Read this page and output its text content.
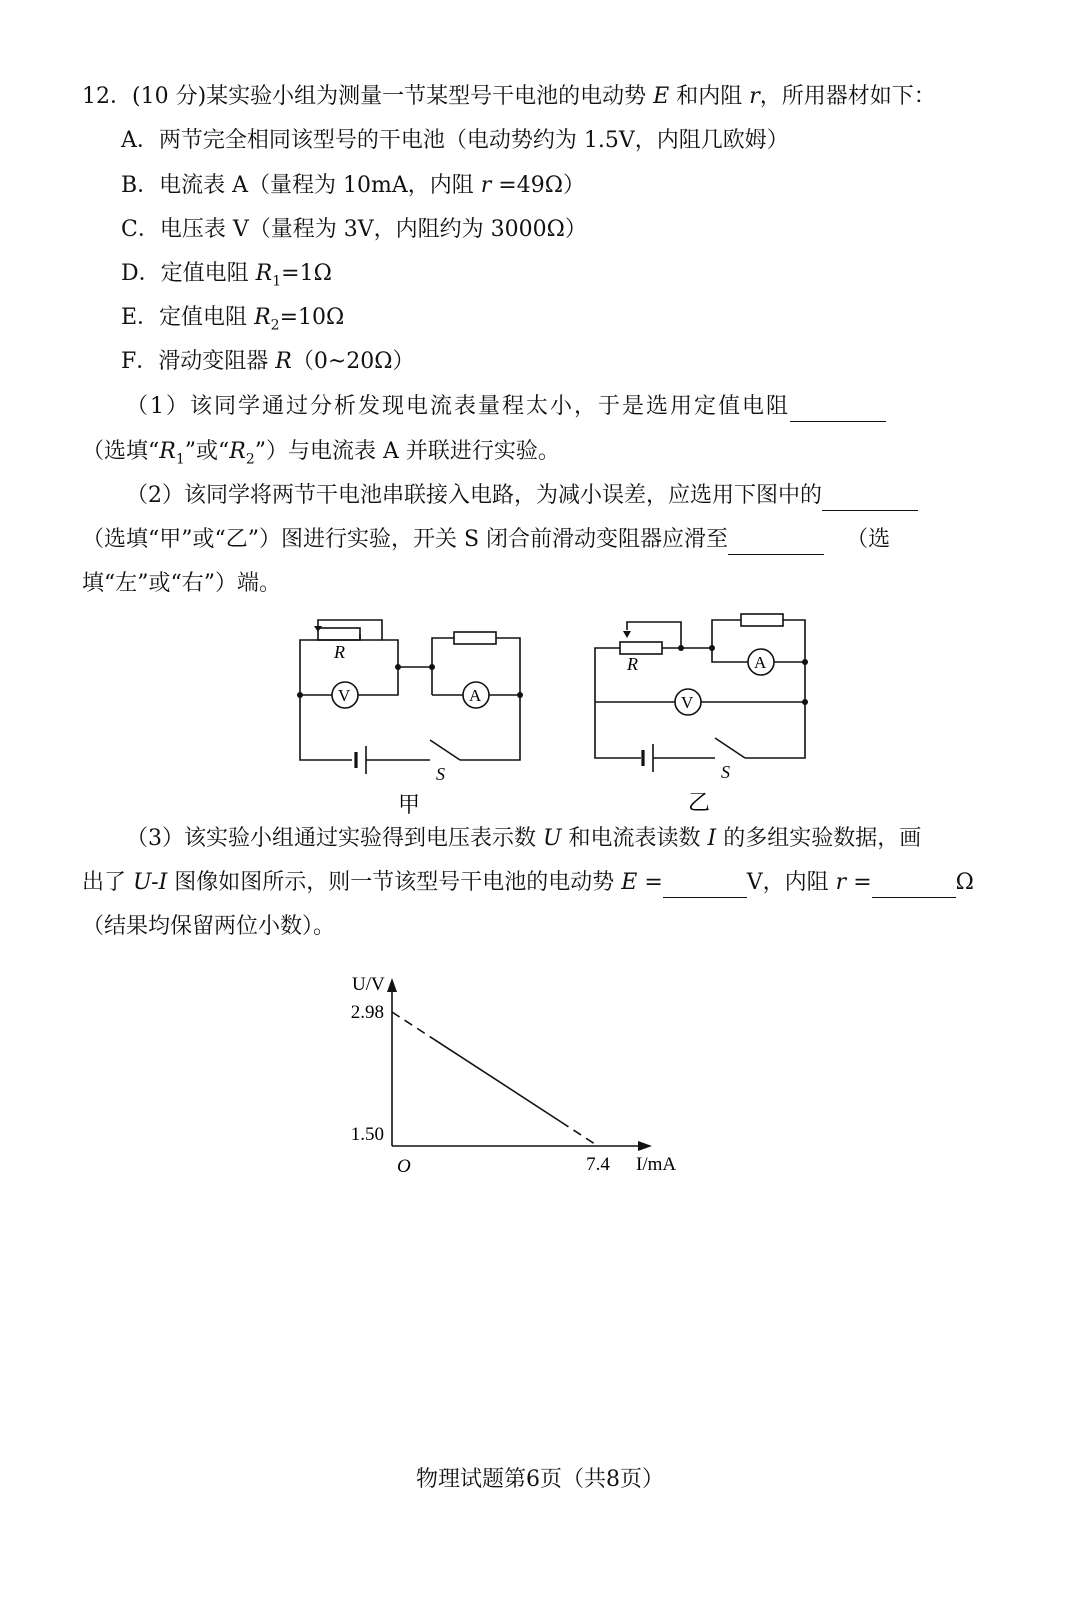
12．(10 分)某实验小组为测量一节某型号干电池的电动势 E 和内阻 r，所用器材如下：
A．两节完全相同该型号的干电池（电动势约为 1.5V，内阻几欧姆）
B．电流表 A（量程为 10mA，内阻 r =49Ω）
C．电压表 V（量程为 3V，内阻约为 3000Ω）
D．定值电阻 $R_1=1\Omega$
E．定值电阻 $R_2=10\Omega$
F．滑动变阻器 R（0~20Ω）
（1）该同学通过分析发现电流表量程太小，于是选用定值电阻
（选填“$R_1$”或“$R_2$”）与电流表 A 并联进行实验。
（2）该同学将两节干电池串联接入电路，为减小误差，应选用下图中的
（选填“甲”或“乙”）图进行实验，开关 S 闭合前滑动变阻器应滑至	（选
填“左”或“右”）端。
R
V	A
S
甲
R
V
A
S
乙
（3）该实验小组通过实验得到电压表示数 U 和电流表读数 I 的多组实验数据，画
出了 U-I 图像如图所示，则一节该型号干电池的电动势 E =	V，内阻 r =	Ω
（结果均保留两位小数）。
U/V
I/mA
O
2.98
1.50
7.4
物理试题第6页（共8页）
